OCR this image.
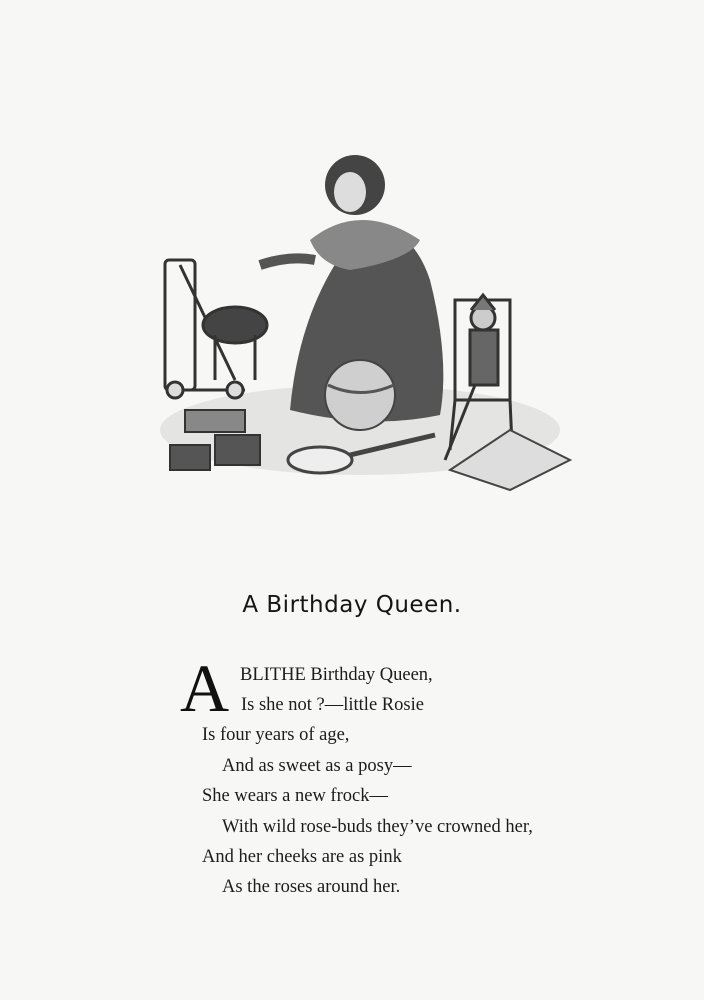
A Birthday Queen.
A BLITHE Birthday Queen,
Is she not ?—little Rosie
Is four years of age,
And as sweet as a posy—
She wears a new frock—
With wild rose-buds they’ve crowned her,
And her cheeks are as pink
As the roses around her.
